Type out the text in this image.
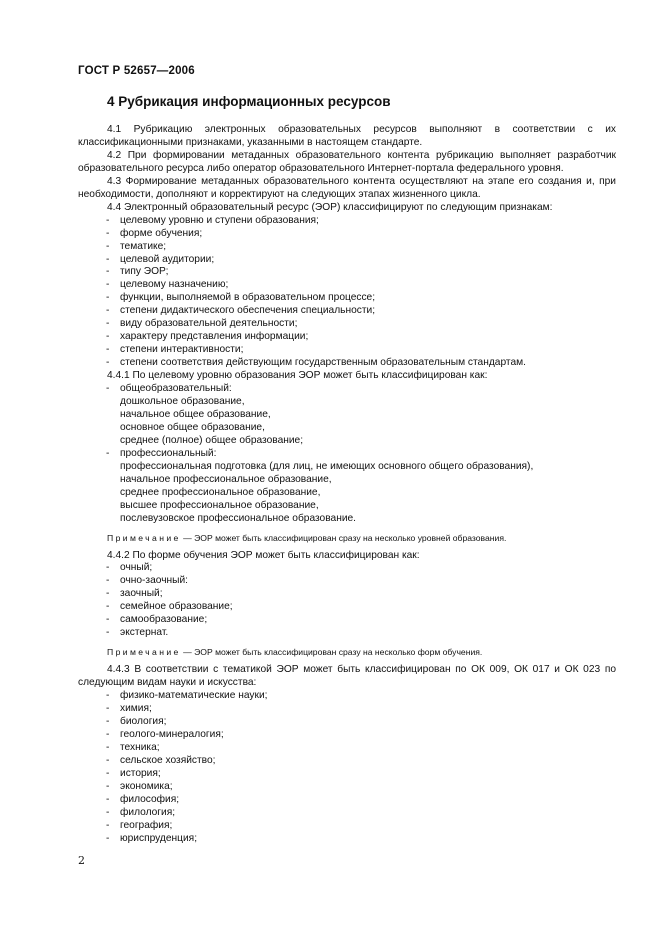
ГОСТ Р 52657—2006
4 Рубрикация информационных ресурсов

4.1 Рубрикацию электронных образовательных ресурсов выполняют в соответствии с их классификационными признаками, указанными в настоящем стандарте.

4.2 При формировании метаданных образовательного контента рубрикацию выполняет разработчик образовательного ресурса либо оператор образовательного Интернет-портала федерального уровня.

4.3 Формирование метаданных образовательного контента осуществляют на этапе его создания и, при необходимости, дополняют и корректируют на следующих этапах жизненного цикла.

4.4 Электронный образовательный ресурс (ЭОР) классифицируют по следующим признакам:

- целевому уровню и ступени образования;
- форме обучения;
- тематике;
- целевой аудитории;
- типу ЭОР;
- целевому назначению;
- функции, выполняемой в образовательном процессе;
- степени дидактического обеспечения специальности;
- виду образовательной деятельности;
- характеру представления информации;
- степени интерактивности;
- степени соответствия действующим государственным образовательным стандартам.

4.4.1 По целевому уровню образования ЭОР может быть классифицирован как:

- общеобразовательный:
дошкольное образование,
начальное общее образование,
основное общее образование,
среднее (полное) общее образование;
- профессиональный:
профессиональная подготовка (для лиц, не имеющих основного общего образования),
начальное профессиональное образование,
среднее профессиональное образование,
высшее профессиональное образование,
послевузовское профессиональное образование.
Примечание — ЭОР может быть классифицирован сразу на несколько уровней образования.

4.4.2 По форме обучения ЭОР может быть классифицирован как:

- очный;
- очно-заочный:
- заочный;
- семейное образование;
- самообразование;
- экстернат.
Примечание — ЭОР может быть классифицирован сразу на несколько форм обучения.

4.4.3 В соответствии с тематикой ЭОР может быть классифицирован по ОК 009, ОК 017 и ОК 023 по следующим видам науки и искусства:

- физико-математические науки;
- химия;
- биология;
- геолого-минералогия;
- техника;
- сельское хозяйство;
- история;
- экономика;
- философия;
- филология;
- география;
- юриспруденция;
2
